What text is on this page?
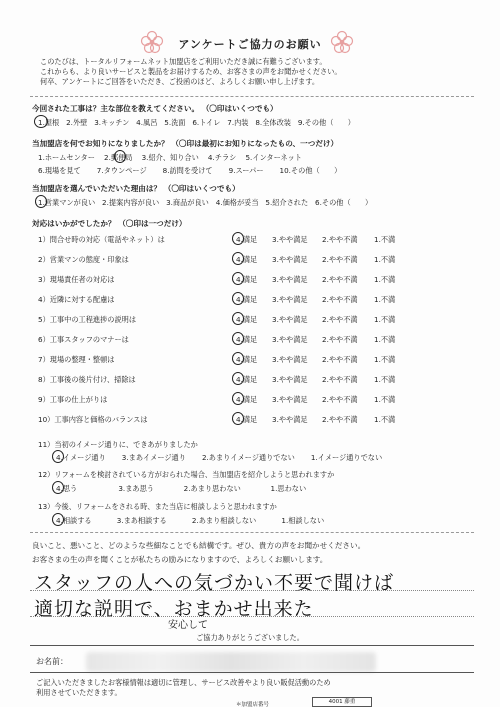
アンケートご協力のお願い
このたびは、トータルリフォームネット加盟店をご利用いただき誠に有難うございます。
これからも、より良いサービスと製品をお届けするため、お客さまの声をお聞かせください。
何卒、アンケートにご回答をいただき、ご投函のほど、よろしくお願い申し上げます。
今回された工事は？主な部位を教えてください。 （〇印はいくつでも）
1.屋根 2.外壁 3.キッチン 4.風呂 5.洗面 6.トイレ 7.内装 8.全体改装 9.その他（　　）
当加盟店を何でお知りになりましたか？ （〇印は最初にお知りになったもの、一つだけ）
1.ホームセンター 2.郵便局 3.紹介、知り合い 4.チラシ 5.インターネット
6.現場を見て 7.タウンページ 8.訪問を受けて 9.スーパー 10.その他（　　）
当加盟店を選んでいただいた理由は？ （〇印はいくつでも）
1.営業マンが良い 2.提案内容が良い 3.商品が良い 4.価格が妥当 5.紹介された 6.その他（　　）
対応はいかがでしたか？ （〇印は一つだけ）
1）問合せ時の対応（電話やネット）は	4.満足 3.やや満足 2.やや不満 1.不満
2）営業マンの態度・印象は	4.満足 3.やや満足 2.やや不満 1.不満
3）現場責任者の対応は	4.満足 3.やや満足 2.やや不満 1.不満
4）近隣に対する配慮は	4.満足 3.やや満足 2.やや不満 1.不満
5）工事中の工程進捗の説明は	4.満足 3.やや満足 2.やや不満 1.不満
6）工事スタッフのマナーは	4.満足 3.やや満足 2.やや不満 1.不満
7）現場の整理・整頓は	4.満足 3.やや満足 2.やや不満 1.不満
8）工事後の後片付け、掃除は	4.満足 3.やや満足 2.やや不満 1.不満
9）工事の仕上がりは	4.満足 3.やや満足 2.やや不満 1.不満
10）工事内容と価格のバランスは	4.満足 3.やや満足 2.やや不満 1.不満
11）当初のイメージ通りに、できあがりましたか
4.イメージ通り 3.まあイメージ通り 2.あまりイメージ通りでない 1.イメージ通りでない
12）リフォームを検討されている方がおられた場合、当加盟店を紹介しようと思われますか
4.思う	3.まあ思う	2.あまり思わない	1.思わない
13）今後、リフォームをされる時、また当店に相談しようと思われますか
4.相談する	3.まあ相談する	2.あまり相談しない	1.相談しない
良いこと、悪いこと、どのような些細なことでも結構です。ぜひ、貴方の声をお聞かせください。
お客さまの生の声を聞くことが私たちの励みになりますので、よろしくお願いします。
スタッフの人への気づかい不要で聞けば
適切な説明で、おまかせ出来た
安心して
ご協力ありがとうございました。
お名前：
ご記入いただきましたお客様情報は適切に管理し、サービス改善やより良い販促活動のため
利用させていただきます。
＊加盟店番号	4001 藤重
